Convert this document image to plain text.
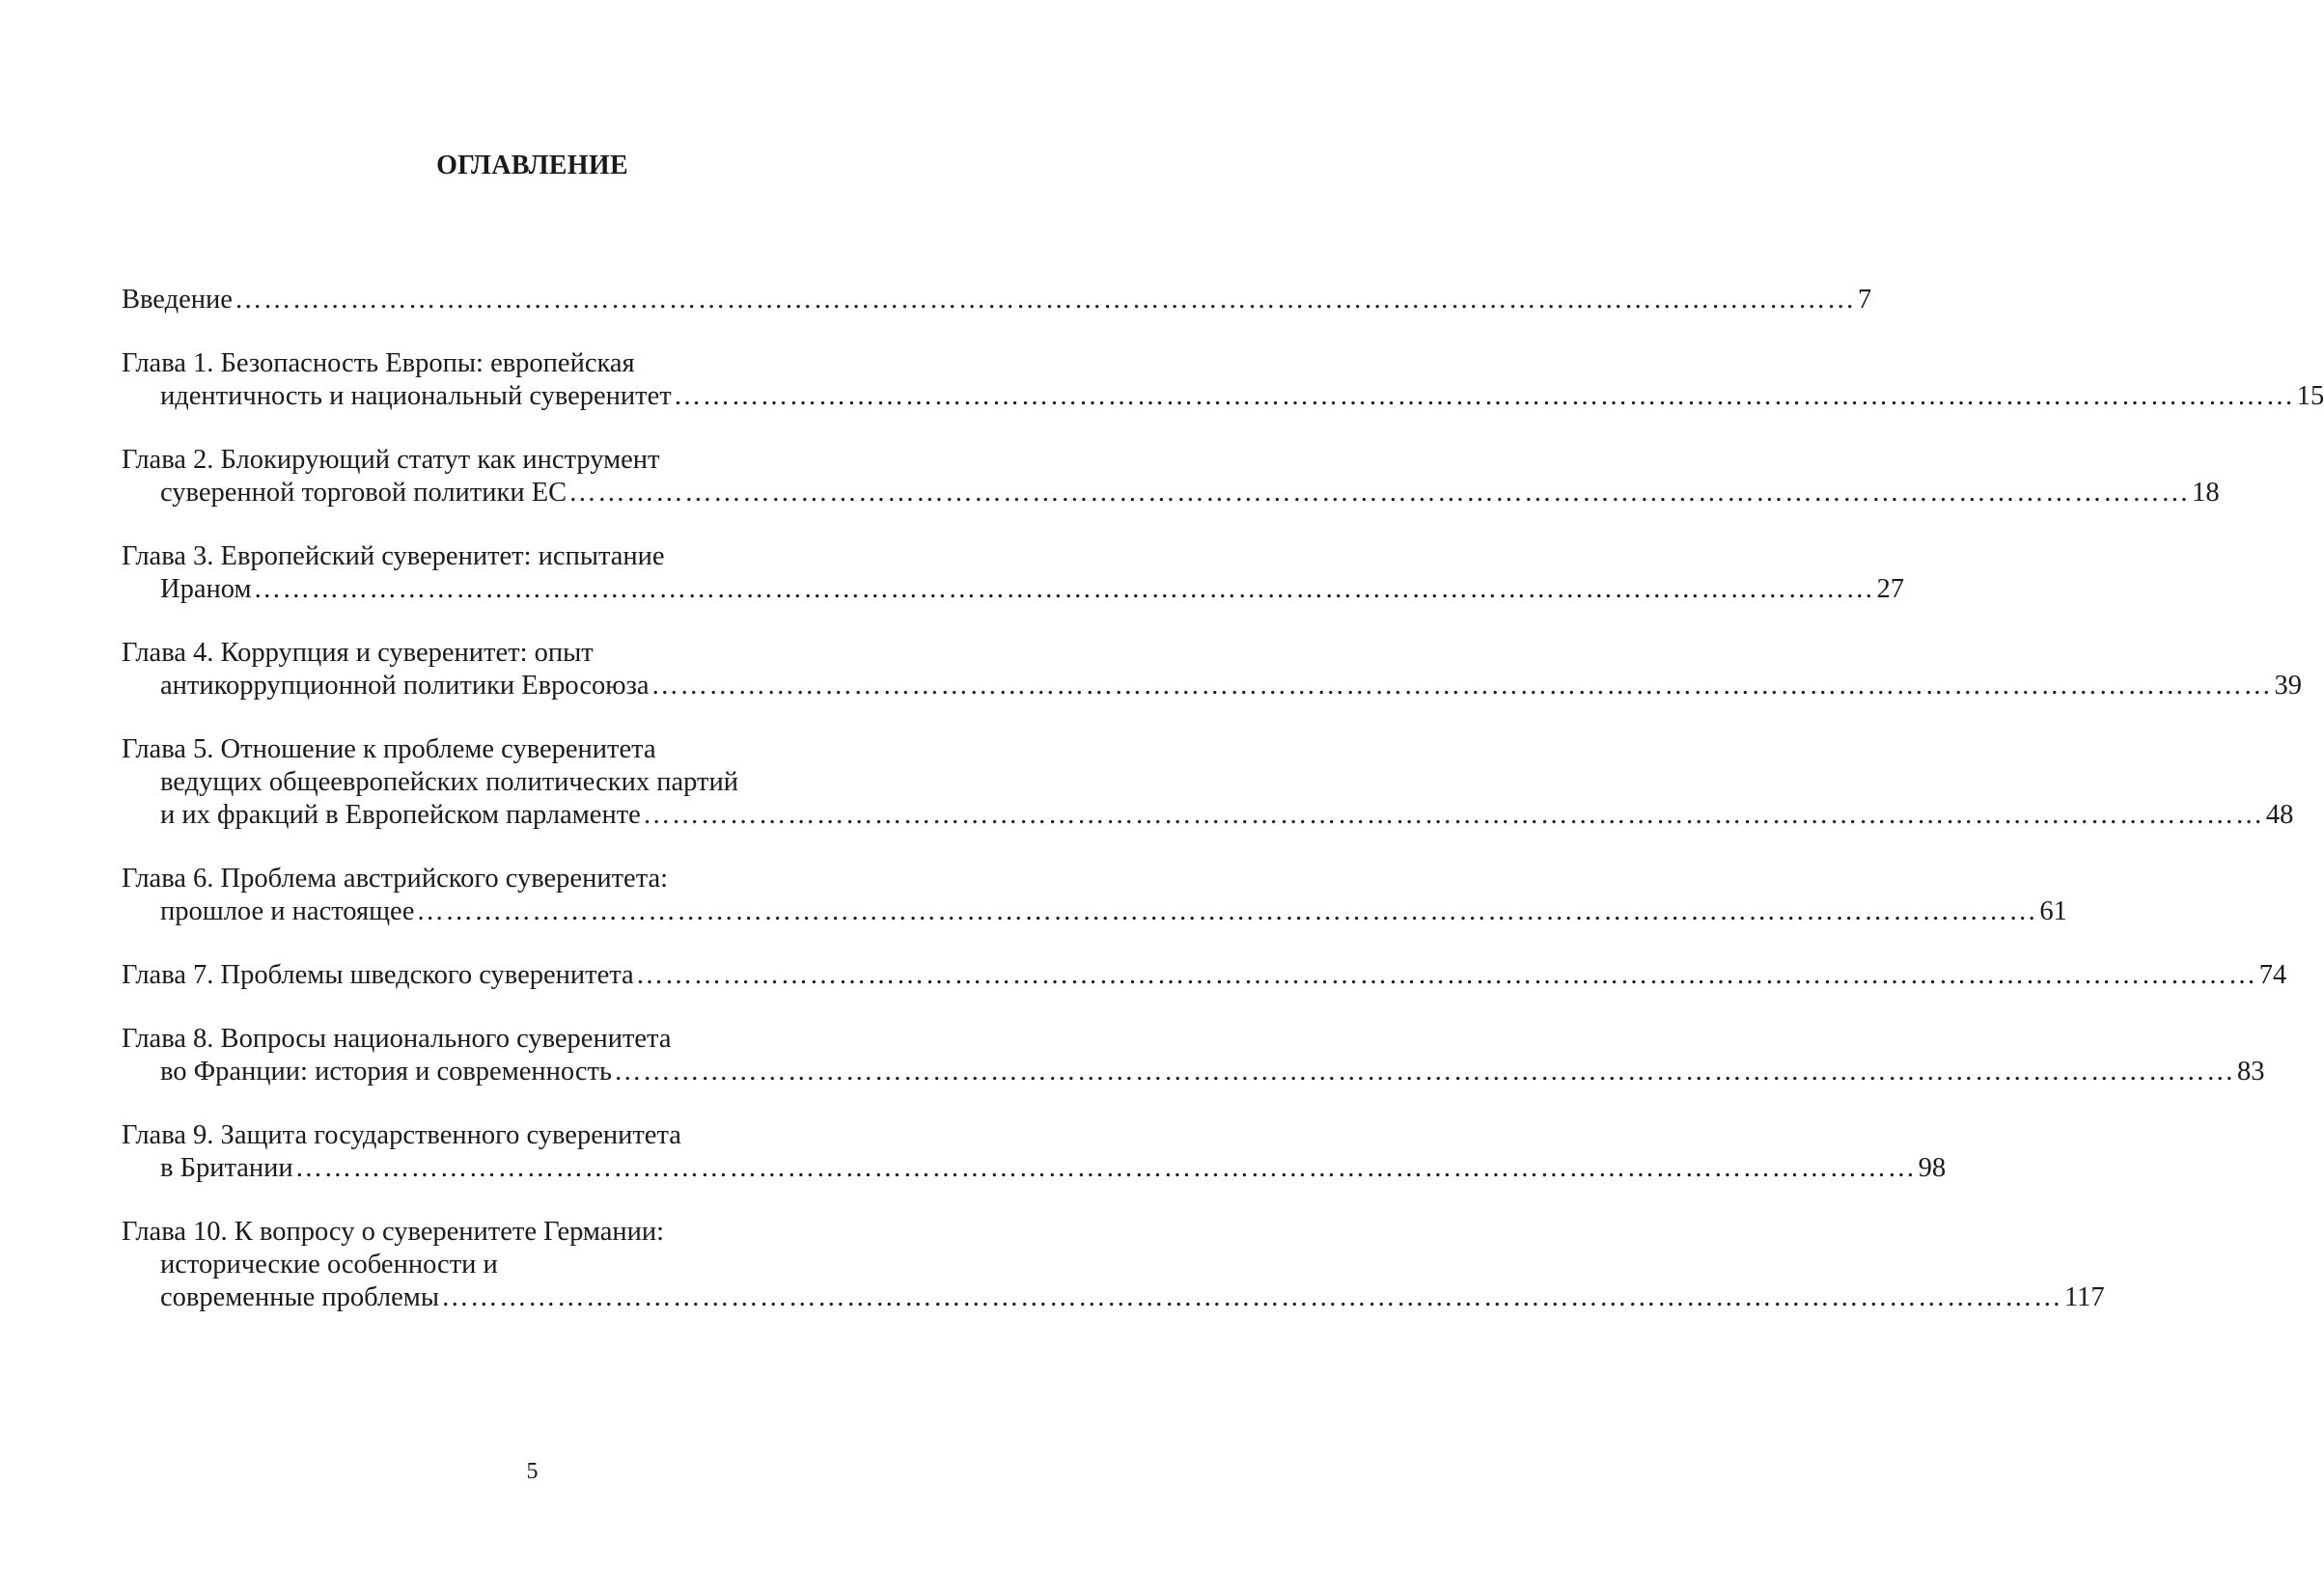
ОГЛАВЛЕНИЕ
Введение …………………………………………………………………………………………………………………………………………………… 7
Глава 1. Безопасность Европы: европейская
идентичность и национальный суверенитет …………………………………………………………………………………………………………………………………………………… 15
Глава 2. Блокирующий статут как инструмент
суверенной торговой политики ЕС …………………………………………………………………………………………………………………………………………………… 18
Глава 3. Европейский суверенитет: испытание
Ираном …………………………………………………………………………………………………………………………………………………… 27
Глава 4. Коррупция и суверенитет: опыт
антикоррупционной политики Евросоюза …………………………………………………………………………………………………………………………………………………… 39
Глава 5. Отношение к проблеме суверенитета
ведущих общеевропейских политических партий
и их фракций в Европейском парламенте …………………………………………………………………………………………………………………………………………………… 48
Глава 6. Проблема австрийского суверенитета:
прошлое и настоящее …………………………………………………………………………………………………………………………………………………… 61
Глава 7. Проблемы шведского суверенитета …………………………………………………………………………………………………………………………………………………… 74
Глава 8. Вопросы национального суверенитета
во Франции: история и современность …………………………………………………………………………………………………………………………………………………… 83
Глава 9. Защита государственного суверенитета
в Британии …………………………………………………………………………………………………………………………………………………… 98
Глава 10. К вопросу о суверенитете Германии:
исторические особенности и
современные проблемы …………………………………………………………………………………………………………………………………………………… 117
5
